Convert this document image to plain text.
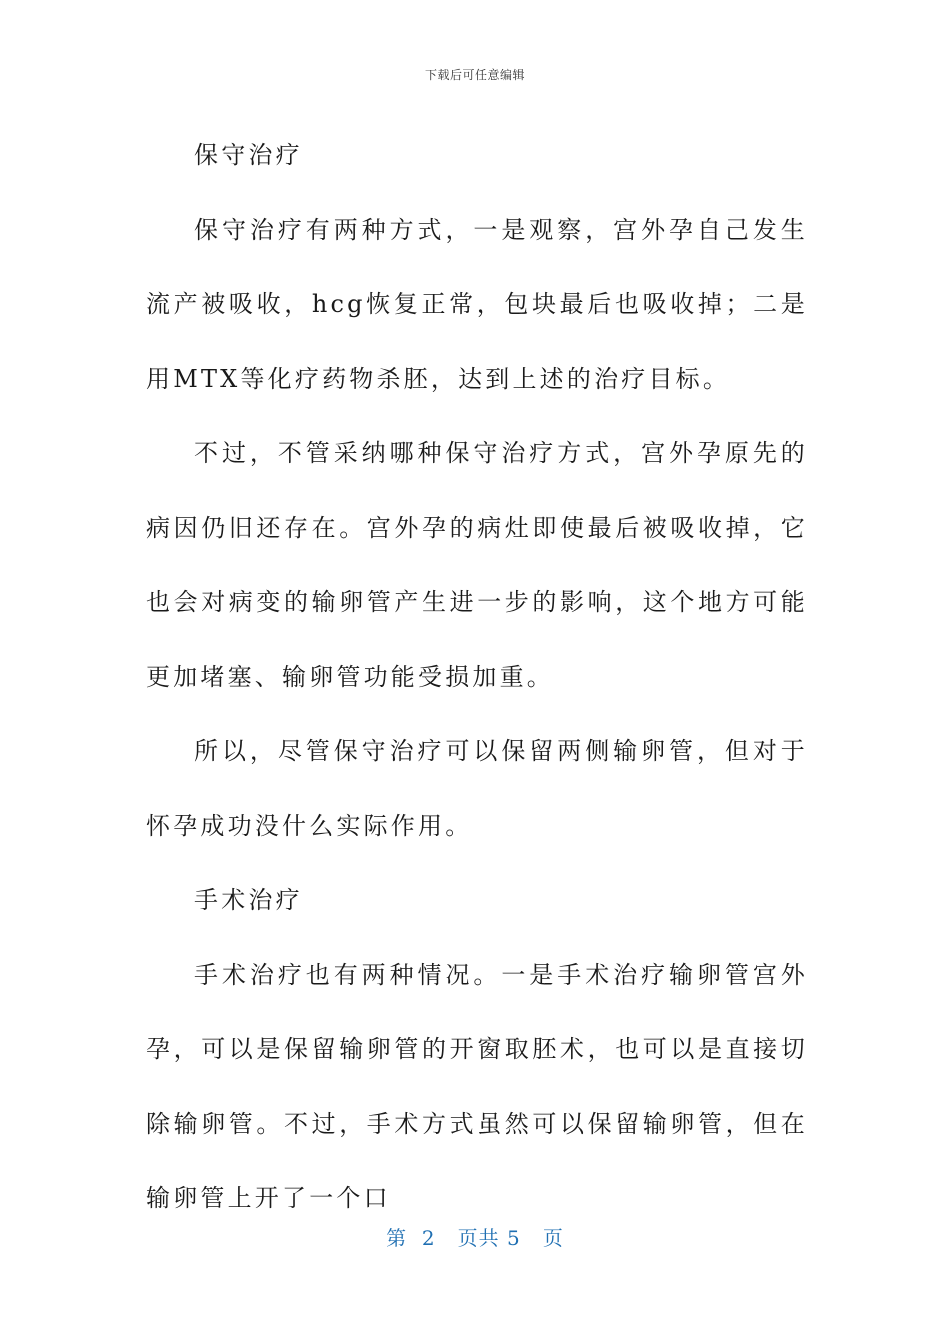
下载后可任意编辑

保守治疗

保守治疗有两种方式，一是观察，宫外孕自己发生流产被吸收，hcg恢复正常，包块最后也吸收掉；二是用MTX等化疗药物杀胚，达到上述的治疗目标。

不过，不管采纳哪种保守治疗方式，宫外孕原先的病因仍旧还存在。宫外孕的病灶即使最后被吸收掉，它也会对病变的输卵管产生进一步的影响，这个地方可能更加堵塞、输卵管功能受损加重。

所以，尽管保守治疗可以保留两侧输卵管，但对于怀孕成功没什么实际作用。

手术治疗

手术治疗也有两种情况。一是手术治疗输卵管宫外孕，可以是保留输卵管的开窗取胚术，也可以是直接切除输卵管。不过，手术方式虽然可以保留输卵管，但在输卵管上开了一个口

第  2   页共 5   页
